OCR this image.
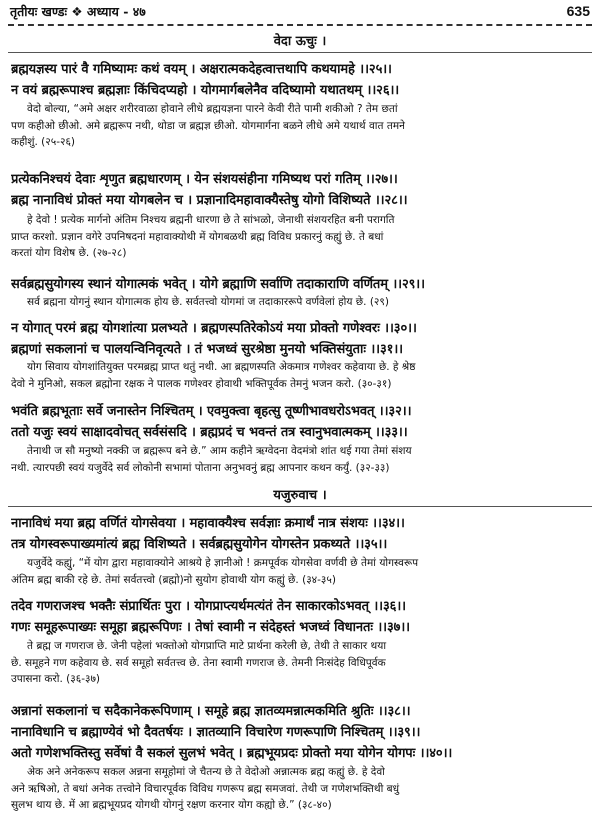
तृतीयः खण्डः ❖ अध्याय - ४७	635
वेदा ऊचुः ।
ब्रह्मयज्ञस्य पारं वै गमिष्यामः कथं वयम् । अक्षरात्मकदेहत्वात्तथापि कथयामहे ।।२५।।
न वयं ब्रह्मरूपाश्च ब्रह्मज्ञाः किंचिदप्यहो । योगमार्गबलेनैव वदिष्यामो यथातथम् ।।२६।।
वेदो बोल्या, “अमे अक्षर शरीरवाळा होवाने लीधे ब्रह्मयज्ञना पारने केवी रीते पामी शकीओ ? तेम छतां
पण कहीओ छीओ. अमे ब्रह्मरूप नथी, थोडा ज ब्रह्मज्ञ छीओ. योगमार्गना बळने लीधे अमे यथार्थ वात तमने
कहीशुं. (२५-२६)
प्रत्येकनिश्चयं देवाः शृणुत ब्रह्मधारणम् । येन संशयसंहीना गमिष्यथ परां गतिम् ।।२७।।
ब्रह्म नानाविधं प्रोक्तं मया योगबलेन च । प्रज्ञानादिमहावाक्यैस्तेषु योगो विशिष्यते ।।२८।।
हे देवो ! प्रत्येक मार्गनो अंतिम निश्चय ब्रह्मनी धारणा छे ते सांभळो, जेनाथी संशयरहित बनी परागति
प्राप्त करशो. प्रज्ञान वगेरे उपनिषदनां महावाक्योथी में योगबळथी ब्रह्म विविध प्रकारनुं कह्युं छे. ते बधां
करतां योग विशेष छे. (२७-२८)
सर्वब्रह्मसुयोगस्य स्थानं योगात्मकं भवेत् । योगे ब्रह्माणि सर्वाणि तदाकाराणि वर्णितम् ।।२९।।
न योगात् परमं ब्रह्म योगशांत्या प्रलभ्यते । ब्रह्मणस्पतिरेकोऽयं मया प्रोक्तो गणेश्वरः ।।३०।।
ब्रह्मणां सकलानां च पालयन्विनिवृत्यते । तं भजध्वं सुरश्रेष्ठा मुनयो भक्तिसंयुताः ।।३१।।
सर्व ब्रह्मना योगनुं स्थान योगात्मक होय छे. सर्वतत्त्वो योगमां ज तदाकाररूपे वर्णवेलां होय छे. (२९)
योग सिवाय योगशांतियुक्त परमब्रह्म प्राप्त थतुं नथी. आ ब्रह्मणस्पति अेकमात्र गणेश्वर कहेवाया छे. हे श्रेष्ठ
देवो ने मुनिओ, सकल ब्रह्मोना रक्षक ने पालक गणेश्वर होवाथी भक्तिपूर्वक तेमनुं भजन करो. (३०-३१)
भवंति ब्रह्मभूताः सर्वे जनास्तेन निश्चितम् । एवमुक्त्वा बृहत्सु तूष्णीभावधरोऽभवत् ।।३२।।
ततो यजुः स्वयं साक्षादवोचत् सर्वसंसदि । ब्रह्मप्रदं च भवन्तं तत्र स्वानुभवात्मकम् ।।३३।।
तेनाथी ज सौ मनुष्यो नक्की ज ब्रह्मरूप बने छे.” आम कहीने ऋग्वेदना वेदमंत्रो शांत थई गया तेमां संशय
नथी. त्यारपछी स्वयं यजुर्वेदे सर्व लोकोनी सभामां पोताना अनुभवनुं ब्रह्म आपनार कथन कर्युं. (३२-३३)
यजुरुवाच ।
नानाविधं मया ब्रह्म वर्णितं योगसेवया । महावाक्यैश्च सर्वज्ञाः क्रमार्थं नात्र संशयः ।।३४।।
तत्र योगस्वरूपाख्यमांत्यं ब्रह्म विशिष्यते । सर्वब्रह्मसुयोगेन योगस्तेन प्रकथ्यते ।।३५।।
यजुर्वेदे कह्युं, “में योग द्वारा महावाक्योने आश्रये हे ज्ञानीओ ! क्रमपूर्वक योगसेवा वर्णवी छे तेमां योगस्वरूप
अंतिम ब्रह्म बाकी रहे छे. तेमां सर्वतत्त्वो (ब्रह्मो)नो सुयोग होवाथी योग कह्युं छे. (३४-३५)
तदेव गणराजश्च भक्तैः संप्रार्थितः पुरा । योगप्राप्त्यर्थमत्यंतं तेन साकारकोऽभवत् ।।३६।।
गणः समूहरूपाख्यः समूहा ब्रह्मरूपिणः । तेषां स्वामी न संदेहस्तं भजध्वं विधानतः ।।३७।।
ते ब्रह्म ज गणराज छे. जेनी पहेलां भक्तोओ योगप्राप्ति माटे प्रार्थना करेली छे, तेथी ते साकार थया
छे. समूहने गण कहेवाय छे. सर्व समूहो सर्वतत्त्व छे. तेना स्वामी गणराज छे. तेमनी निःसंदेह विधिपूर्वक
उपासना करो. (३६-३७)
अन्नानां सकलानां च सदैकानेकरूपिणाम् । समूहे ब्रह्म ज्ञातव्यमन्नात्मकमिति श्रुतिः ।।३८।।
नानाविधानि च ब्रह्माण्येवं भो दैवतर्षयः । ज्ञातव्यानि विचारेण गणरूपाणि निश्चितम् ।।३९।।
अतो गणेशभक्तिस्तु सर्वेषां वै सकलं सुलभं भवेत् । ब्रह्मभूयप्रदः प्रोक्तो मया योगेन योगपः ।।४०।।
अेक अने अनेकरूप सकल अन्नना समूहोमां जे चैतन्य छे ते वेदोओ अन्नात्मक ब्रह्म कह्युं छे. हे देवो
अने ऋषिओ, ते बधां अनेक तत्त्वोने विचारपूर्वक विविध गणरूप ब्रह्म समजवां. तेथी ज गणेशभक्तिथी बधुं
सुलभ थाय छे. में आ ब्रह्मभूयप्रद योगथी योगनुं रक्षण करनार योग कह्यो छे.” (३८-४०)
